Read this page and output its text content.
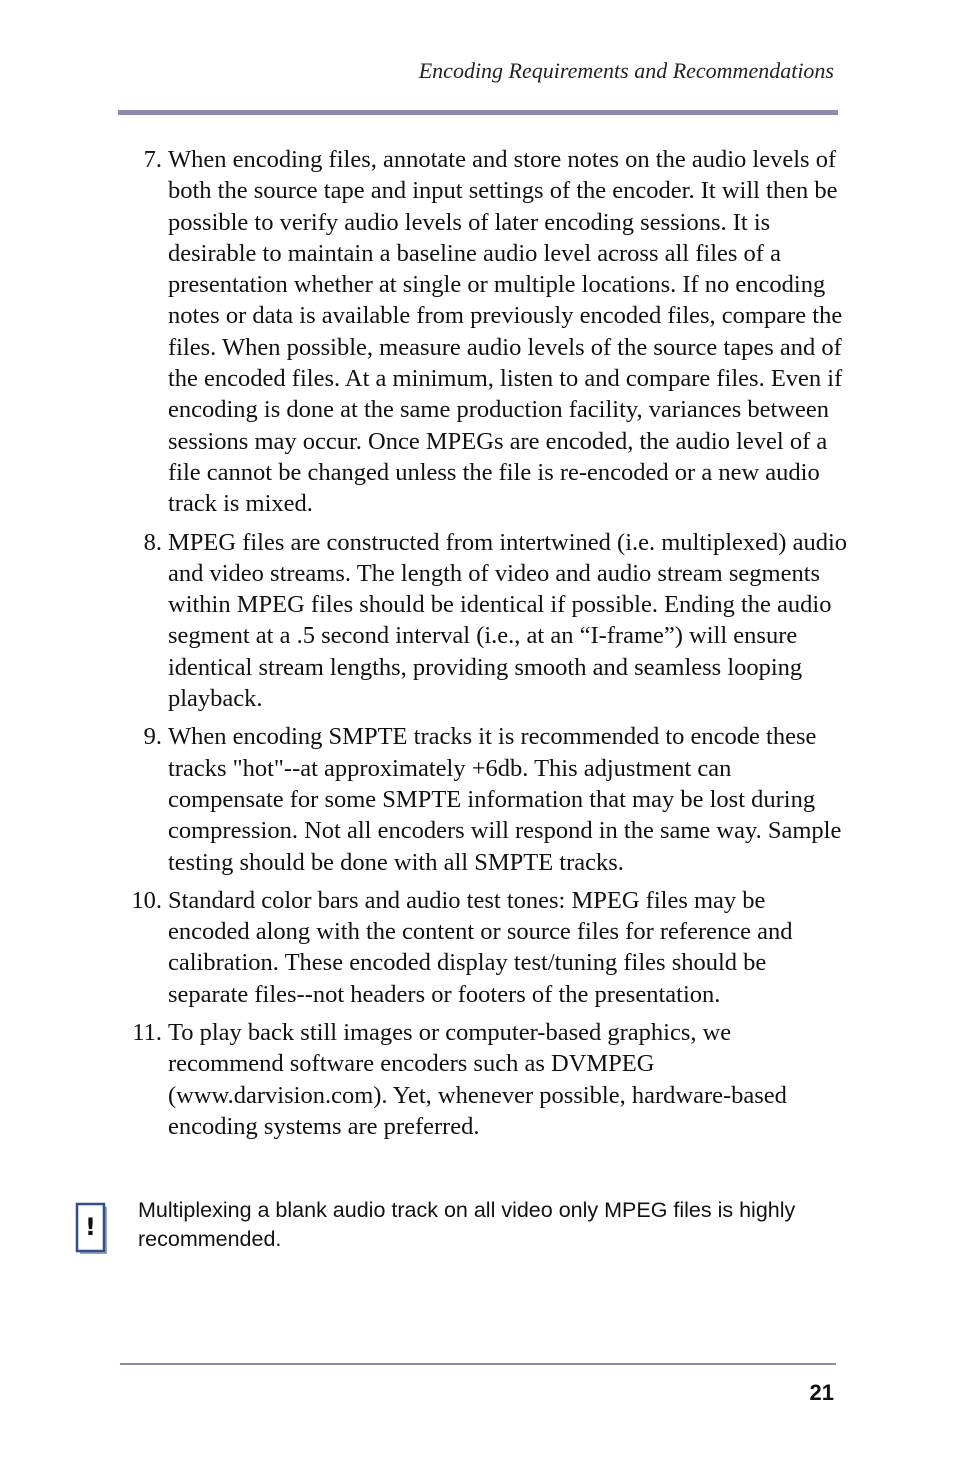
Encoding Requirements and Recommendations
7. When encoding files, annotate and store notes on the audio levels of both the source tape and input settings of the encoder. It will then be possible to verify audio levels of later encoding sessions. It is desirable to maintain a baseline audio level across all files of a presentation whether at single or multiple locations. If no encoding notes or data is available from previously encoded files, compare the files. When possible, measure audio levels of the source tapes and of the encoded files. At a minimum, listen to and compare files. Even if encoding is done at the same production facility, variances between sessions may occur. Once MPEGs are encoded, the audio level of a file cannot be changed unless the file is re-encoded or a new audio track is mixed.
8. MPEG files are constructed from intertwined (i.e. multiplexed) audio and video streams. The length of video and audio stream segments within MPEG files should be identical if possible. Ending the audio segment at a .5 second interval (i.e., at an “I-frame”) will ensure identical stream lengths, providing smooth and seamless looping playback.
9. When encoding SMPTE tracks it is recommended to encode these tracks "hot"--at approximately +6db. This adjustment can compensate for some SMPTE information that may be lost during compression. Not all encoders will respond in the same way. Sample testing should be done with all SMPTE tracks.
10. Standard color bars and audio test tones: MPEG files may be encoded along with the content or source files for reference and calibration. These encoded display test/tuning files should be separate files--not headers or footers of the presentation.
11. To play back still images or computer-based graphics, we recommend software encoders such as DVMPEG (www.darvision.com). Yet, whenever possible, hardware-based encoding systems are preferred.
!
Multiplexing a blank audio track on all video only MPEG files is highly recommended.
21
